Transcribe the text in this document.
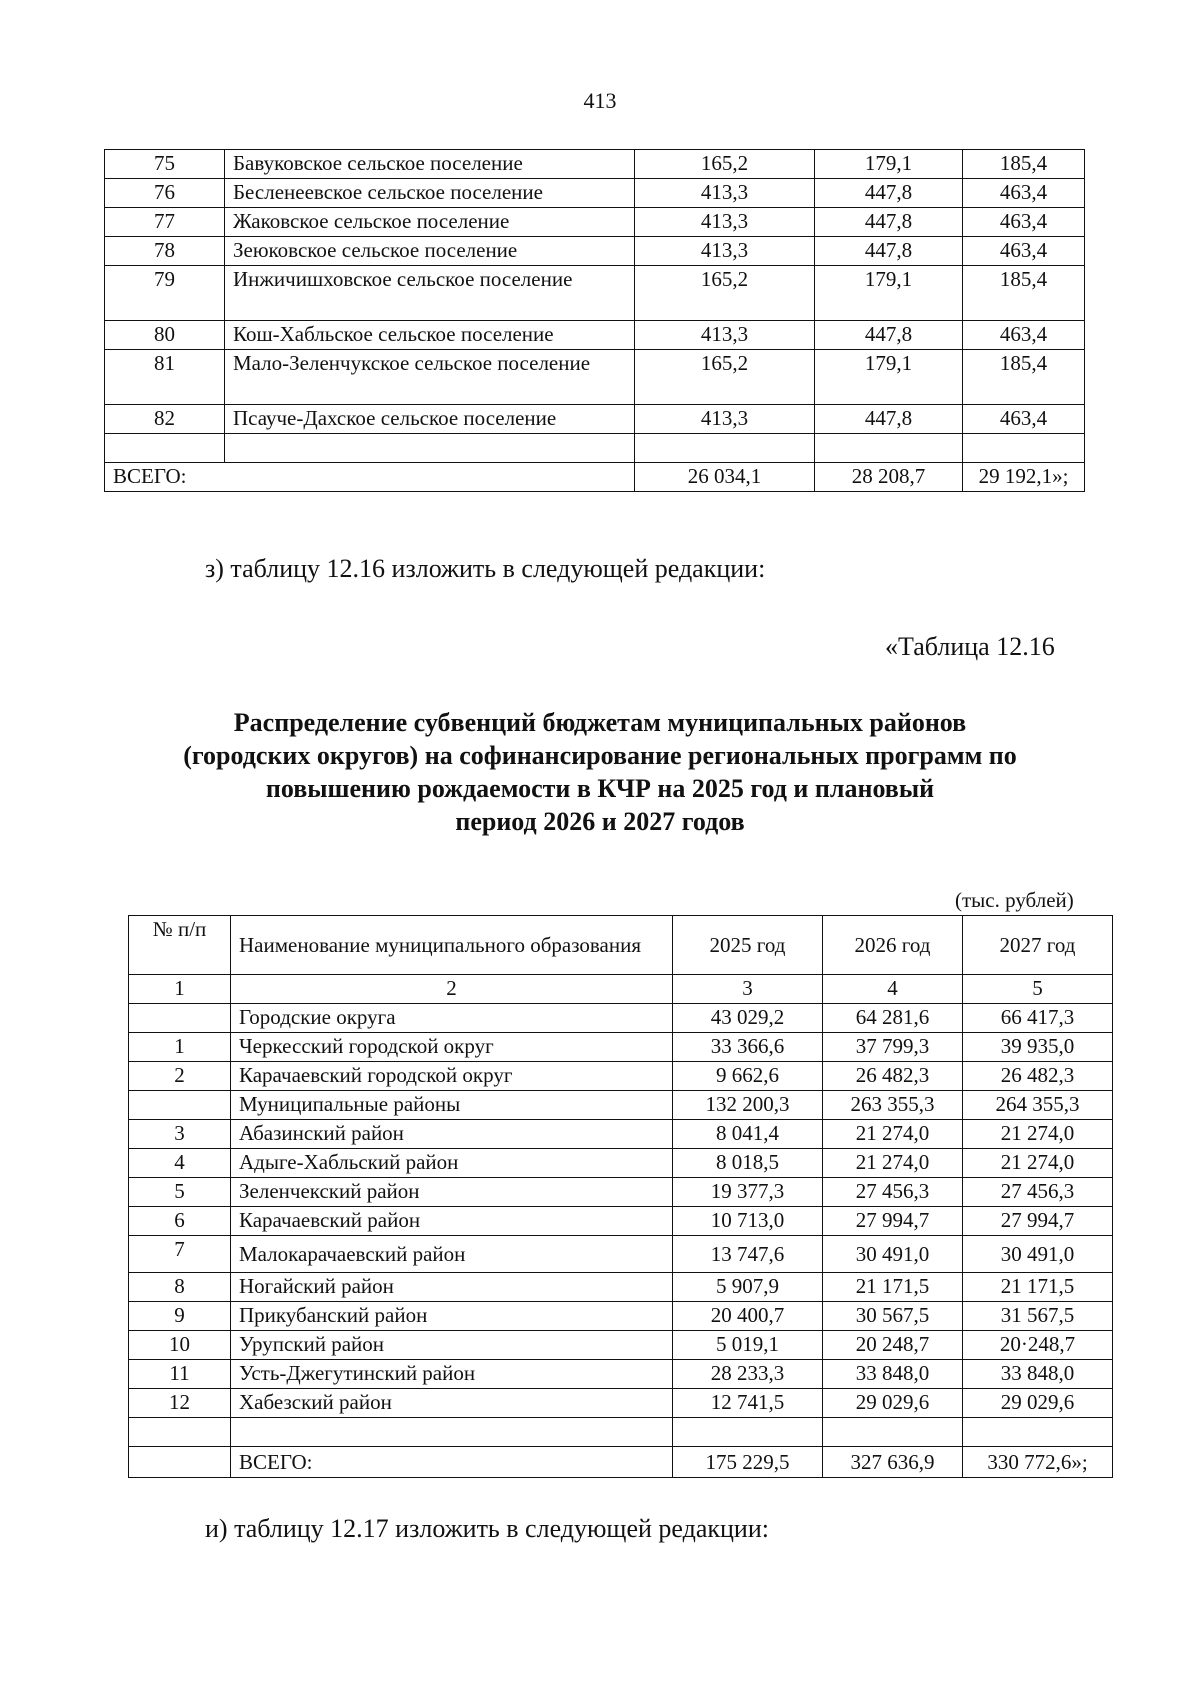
413
75	Бавуковское сельское поселение	165,2	179,1	185,4
76	Бесленеевское сельское поселение	413,3	447,8	463,4
77	Жаковское сельское поселение	413,3	447,8	463,4
78	Зеюковское сельское поселение	413,3	447,8	463,4
79	Инжичишховское сельское поселение	165,2	179,1	185,4
80	Кош-Хабльское сельское поселение	413,3	447,8	463,4
81	Мало-Зеленчукское сельское поселение	165,2	179,1	185,4
82	Псауче-Дахское сельское поселение	413,3	447,8	463,4

ВСЕГО:		26 034,1	28 208,7	29 192,1»;
з) таблицу 12.16 изложить в следующей редакции:
«Таблица 12.16
Распределение субвенций бюджетам муниципальных районов
(городских округов) на софинансирование региональных программ по
повышению рождаемости в КЧР на 2025 год и плановый
период 2026 и 2027 годов
(тыс. рублей)
№ п/п	Наименование муниципального образования	2025 год	2026 год	2027 год
1	2	3	4	5
	Городские округа	43 029,2	64 281,6	66 417,3
1	Черкесский городской округ	33 366,6	37 799,3	39 935,0
2	Карачаевский городской округ	9 662,6	26 482,3	26 482,3
	Муниципальные районы	132 200,3	263 355,3	264 355,3
3	Абазинский район	8 041,4	21 274,0	21 274,0
4	Адыге-Хабльский район	8 018,5	21 274,0	21 274,0
5	Зеленчекский район	19 377,3	27 456,3	27 456,3
6	Карачаевский район	10 713,0	27 994,7	27 994,7
7	Малокарачаевский район	13 747,6	30 491,0	30 491,0
8	Ногайский район	5 907,9	21 171,5	21 171,5
9	Прикубанский район	20 400,7	30 567,5	31 567,5
10	Урупский район	5 019,1	20 248,7	20·248,7
11	Усть-Джегутинский район	28 233,3	33 848,0	33 848,0
12	Хабезский район	12 741,5	29 029,6	29 029,6

	ВСЕГО:	175 229,5	327 636,9	330 772,6»;
и) таблицу 12.17 изложить в следующей редакции:
